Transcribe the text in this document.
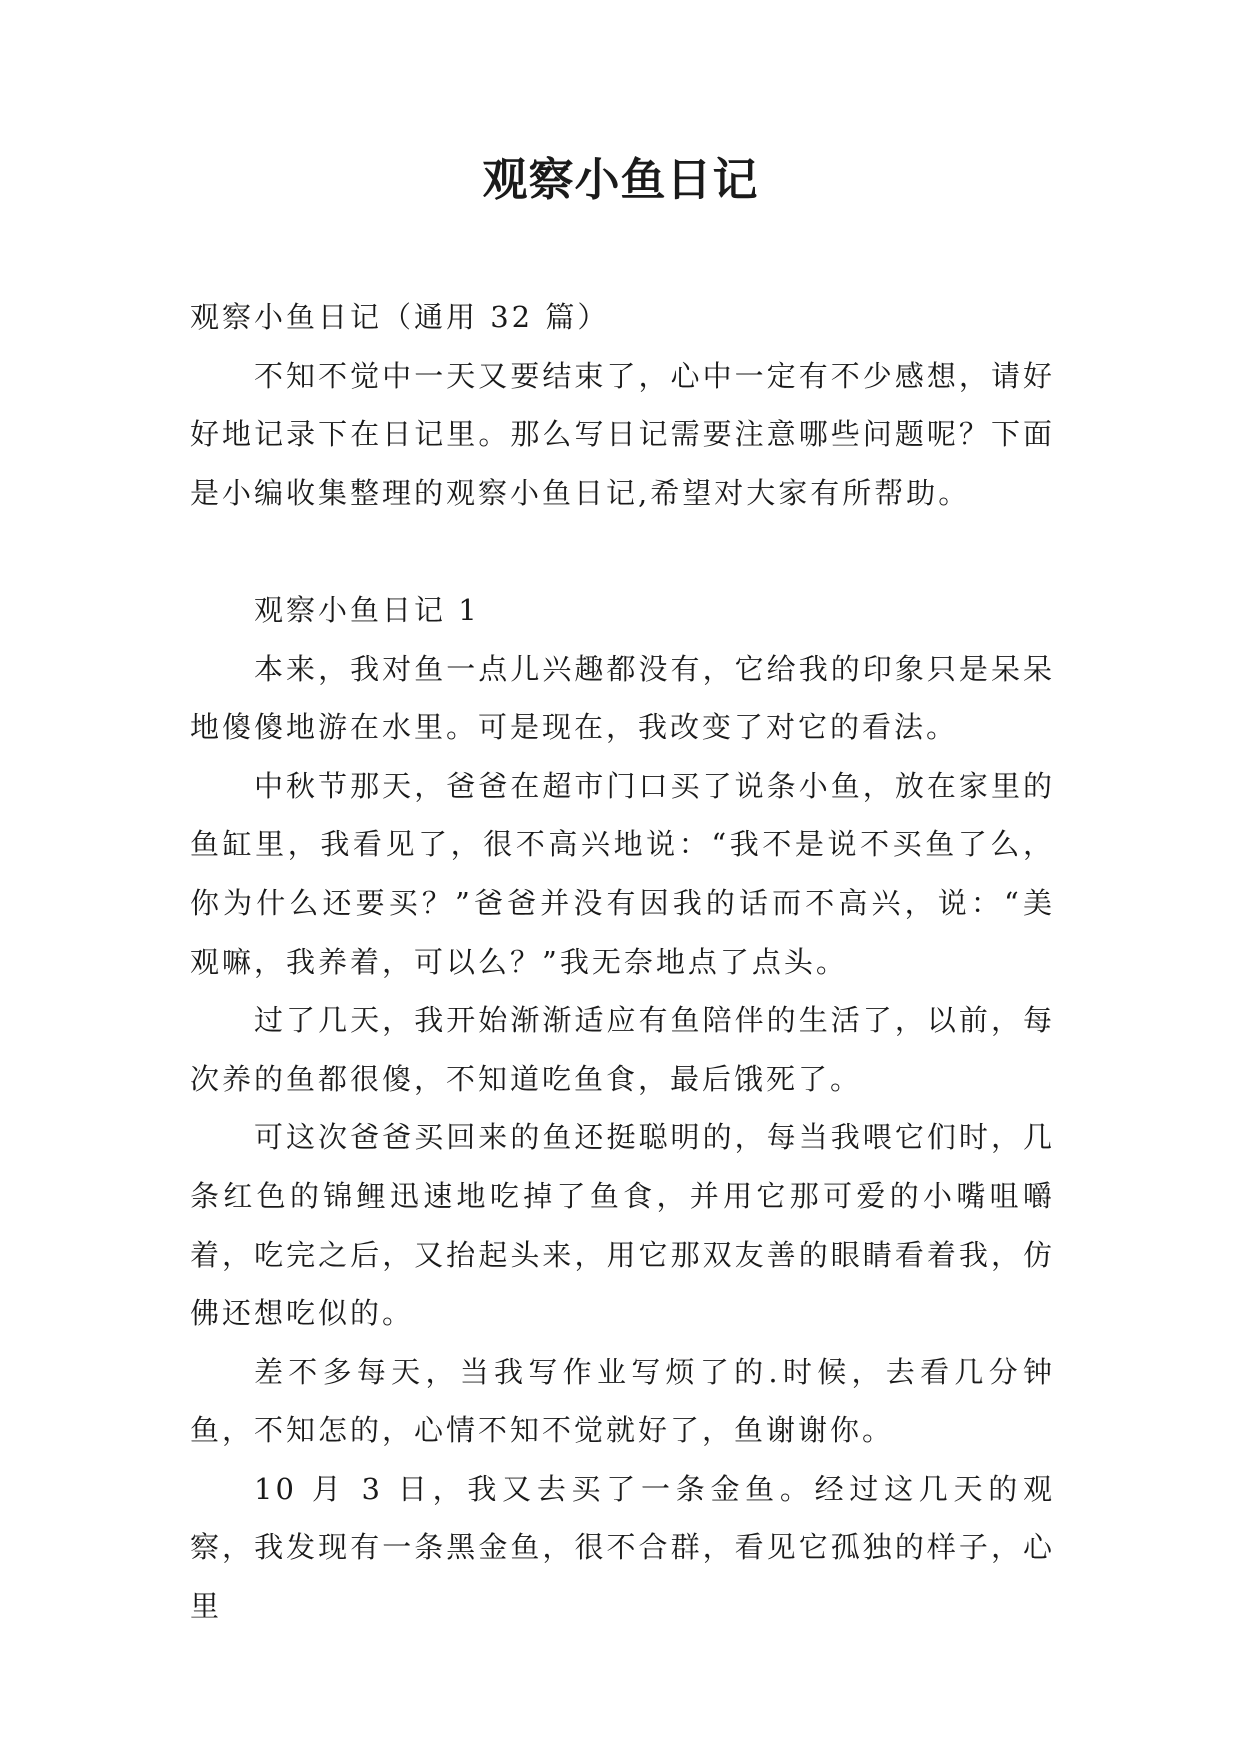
观察小鱼日记

观察小鱼日记（通用 32 篇）

不知不觉中一天又要结束了，心中一定有不少感想，请好好地记录下在日记里。那么写日记需要注意哪些问题呢？下面是小编收集整理的观察小鱼日记,希望对大家有所帮助。

观察小鱼日记 1

本来，我对鱼一点儿兴趣都没有，它给我的印象只是呆呆地傻傻地游在水里。可是现在，我改变了对它的看法。

中秋节那天，爸爸在超市门口买了说条小鱼，放在家里的鱼缸里，我看见了，很不高兴地说：“我不是说不买鱼了么，你为什么还要买？”爸爸并没有因我的话而不高兴，说：“美观嘛，我养着，可以么？”我无奈地点了点头。

过了几天，我开始渐渐适应有鱼陪伴的生活了，以前，每次养的鱼都很傻，不知道吃鱼食，最后饿死了。

可这次爸爸买回来的鱼还挺聪明的，每当我喂它们时，几条红色的锦鲤迅速地吃掉了鱼食，并用它那可爱的小嘴咀嚼着，吃完之后，又抬起头来，用它那双友善的眼睛看着我，仿佛还想吃似的。

差不多每天，当我写作业写烦了的.时候，去看几分钟鱼，不知怎的，心情不知不觉就好了，鱼谢谢你。

10 月 3 日，我又去买了一条金鱼。经过这几天的观察，我发现有一条黑金鱼，很不合群，看见它孤独的样子，心里
